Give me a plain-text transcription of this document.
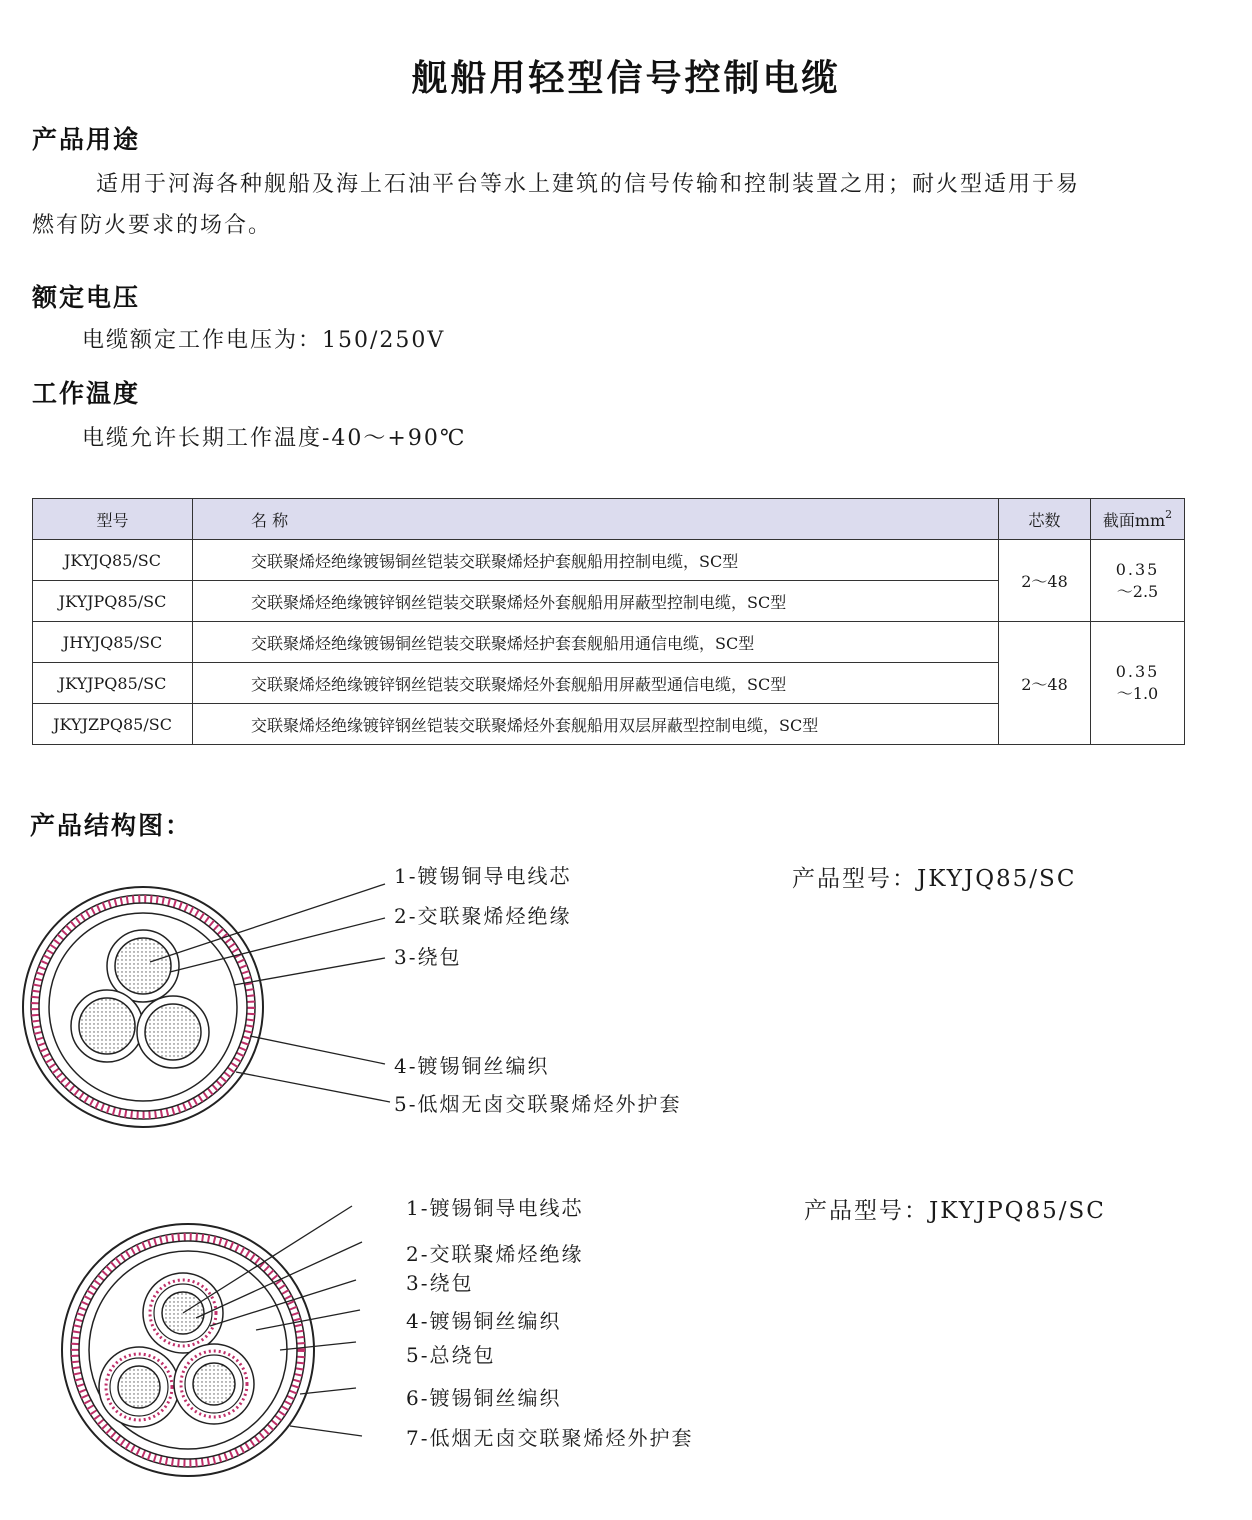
舰船用轻型信号控制电缆
产品用途
适用于河海各种舰船及海上石油平台等水上建筑的信号传输和控制装置之用；耐火型适用于易
燃有防火要求的场合。
额定电压
电缆额定工作电压为：150/250V
工作温度
电缆允许长期工作温度-40～+90℃
型号	名 称	芯数	截面$mm^2$
JKYJQ85/SC	交联聚烯烃绝缘镀锡铜丝铠装交联聚烯烃护套舰船用控制电缆，SC型	2～48	0.35
～2.5

JKYJPQ85/SC	交联聚烯烃绝缘镀锌钢丝铠装交联聚烯烃外套舰船用屏蔽型控制电缆，SC型		
JHYJQ85/SC	交联聚烯烃绝缘镀锡铜丝铠装交联聚烯烃护套套舰船用通信电缆，SC型	2～48	0.35
～1.0

JKYJPQ85/SC	交联聚烯烃绝缘镀锌钢丝铠装交联聚烯烃外套舰船用屏蔽型通信电缆，SC型		
JKYJZPQ85/SC	交联聚烯烃绝缘镀锌钢丝铠装交联聚烯烃外套舰船用双层屏蔽型控制电缆，SC型		
产品结构图：
1-镀锡铜导电线芯
2-交联聚烯烃绝缘
3-绕包
4-镀锡铜丝编织
5-低烟无卤交联聚烯烃外护套
产品型号：JKYJQ85/SC
1-镀锡铜导电线芯
2-交联聚烯烃绝缘
3-绕包
4-镀锡铜丝编织
5-总绕包
6-镀锡铜丝编织
7-低烟无卤交联聚烯烃外护套
产品型号：JKYJPQ85/SC
